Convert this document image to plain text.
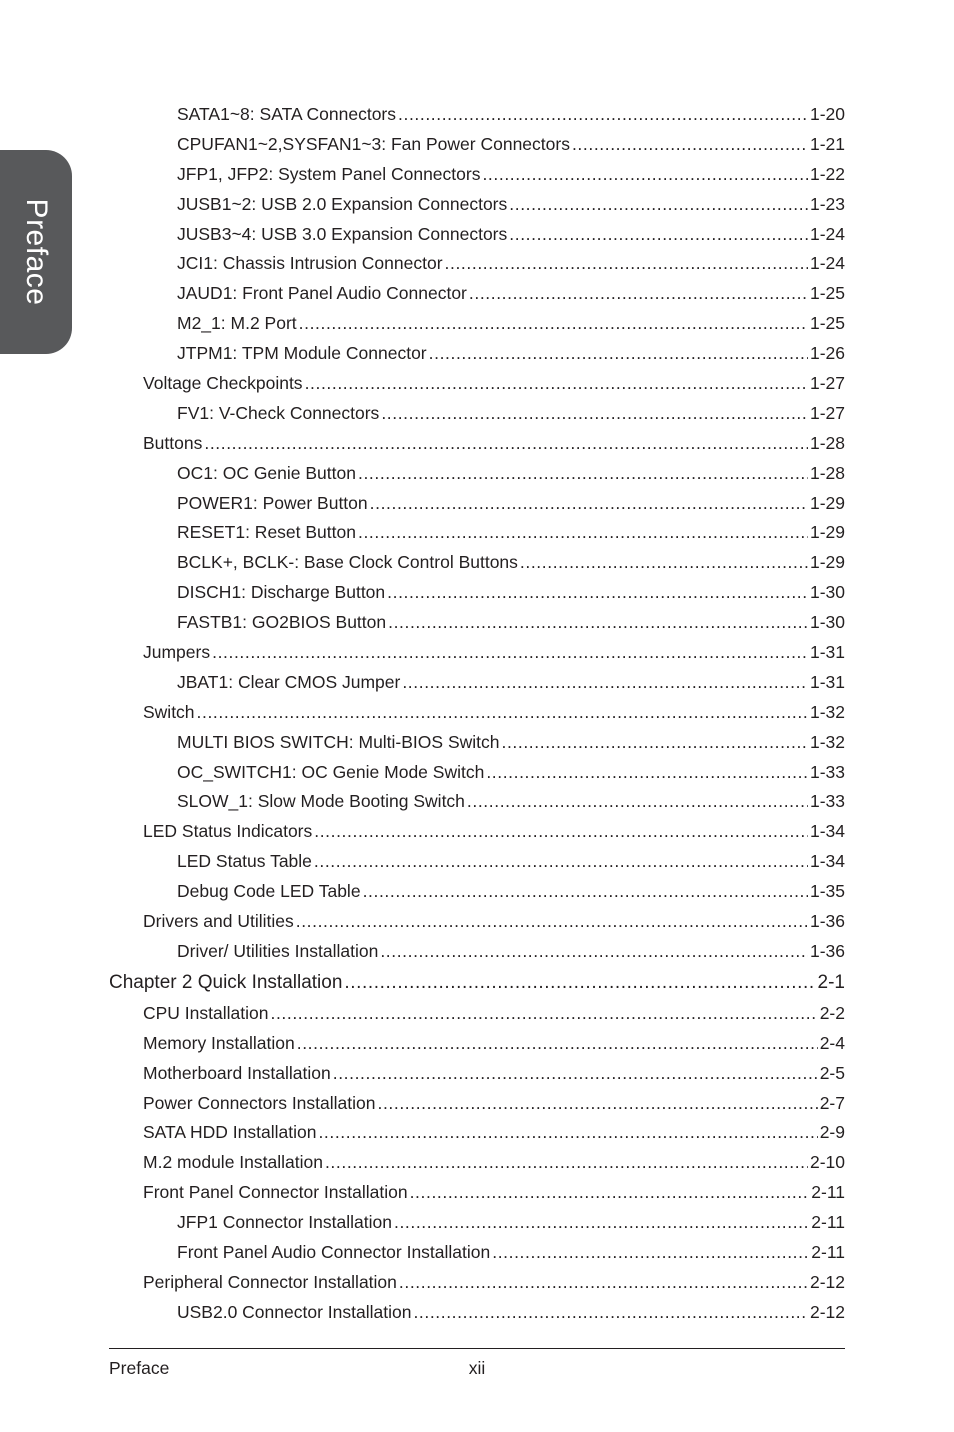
Preface
SATA1~8: SATA Connectors .....	1-20
CPUFAN1~2,SYSFAN1~3: Fan Power Connectors .....	1-21
JFP1, JFP2: System Panel Connectors .....	1-22
JUSB1~2: USB 2.0 Expansion Connectors .....	1-23
JUSB3~4: USB 3.0 Expansion Connectors .....	1-24
JCI1: Chassis Intrusion Connector .....	1-24
JAUD1: Front Panel Audio Connector .....	1-25
M2_1: M.2 Port .....	1-25
JTPM1: TPM Module Connector .....	1-26
Voltage Checkpoints .....	1-27
FV1: V-Check Connectors .....	1-27
Buttons .....	1-28
OC1: OC Genie Button .....	1-28
POWER1: Power Button .....	1-29
RESET1: Reset Button .....	1-29
BCLK+, BCLK-: Base Clock Control Buttons .....	1-29
DISCH1: Discharge Button .....	1-30
FASTB1: GO2BIOS Button .....	1-30
Jumpers .....	1-31
JBAT1: Clear CMOS Jumper .....	1-31
Switch .....	1-32
MULTI BIOS SWITCH: Multi-BIOS Switch .....	1-32
OC_SWITCH1: OC Genie Mode Switch .....	1-33
SLOW_1: Slow Mode Booting Switch .....	1-33
LED Status Indicators .....	1-34
LED Status Table .....	1-34
Debug Code LED Table .....	1-35
Drivers and Utilities .....	1-36
Driver/ Utilities Installation .....	1-36
Chapter 2 Quick Installation .....	2-1
CPU Installation .....	2-2
Memory Installation .....	2-4
Motherboard Installation .....	2-5
Power Connectors Installation .....	2-7
SATA HDD Installation .....	2-9
M.2 module Installation .....	2-10
Front Panel Connector Installation .....	2-11
JFP1 Connector Installation .....	2-11
Front Panel Audio Connector Installation .....	2-11
Peripheral Connector Installation .....	2-12
USB2.0 Connector Installation .....	2-12
Preface	xii
